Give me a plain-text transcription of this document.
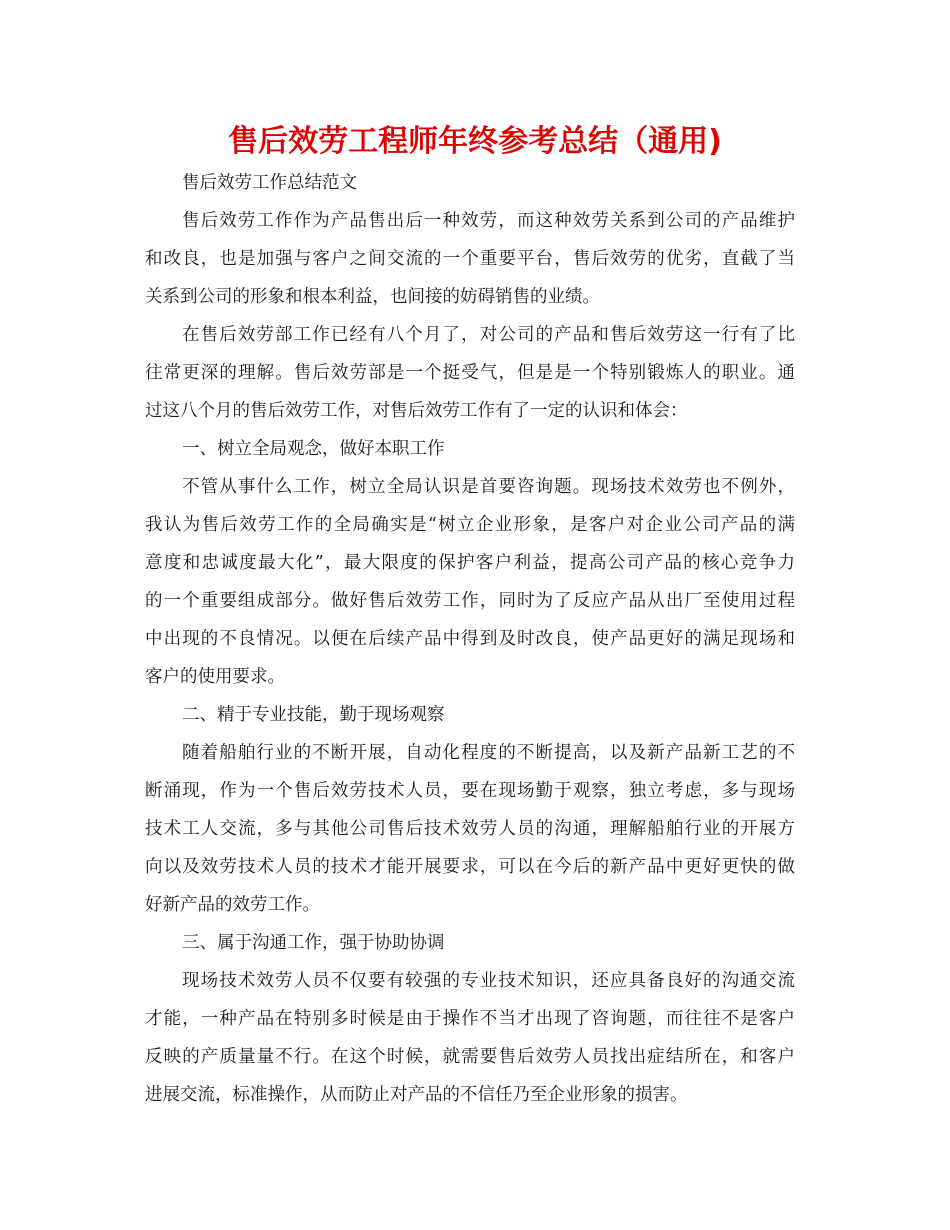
售后效劳工程师年终参考总结（通用)
售后效劳工作总结范文
售后效劳工作作为产品售出后一种效劳，而这种效劳关系到公司的产品维护
和改良，也是加强与客户之间交流的一个重要平台，售后效劳的优劣，直截了当
关系到公司的形象和根本利益，也间接的妨碍销售的业绩。
在售后效劳部工作已经有八个月了，对公司的产品和售后效劳这一行有了比
往常更深的理解。售后效劳部是一个挺受气，但是是一个特别锻炼人的职业。通
过这八个月的售后效劳工作，对售后效劳工作有了一定的认识和体会：
一、树立全局观念，做好本职工作
不管从事什么工作，树立全局认识是首要咨询题。现场技术效劳也不例外，
我认为售后效劳工作的全局确实是“树立企业形象，是客户对企业公司产品的满
意度和忠诚度最大化”，最大限度的保护客户利益，提高公司产品的核心竞争力
的一个重要组成部分。做好售后效劳工作，同时为了反应产品从出厂至使用过程
中出现的不良情况。以便在后续产品中得到及时改良，使产品更好的满足现场和
客户的使用要求。
二、精于专业技能，勤于现场观察
随着船舶行业的不断开展，自动化程度的不断提高，以及新产品新工艺的不
断涌现，作为一个售后效劳技术人员，要在现场勤于观察，独立考虑，多与现场
技术工人交流，多与其他公司售后技术效劳人员的沟通，理解船舶行业的开展方
向以及效劳技术人员的技术才能开展要求，可以在今后的新产品中更好更快的做
好新产品的效劳工作。
三、属于沟通工作，强于协助协调
现场技术效劳人员不仅要有较强的专业技术知识，还应具备良好的沟通交流
才能，一种产品在特别多时候是由于操作不当才出现了咨询题，而往往不是客户
反映的产质量量不行。在这个时候，就需要售后效劳人员找出症结所在，和客户
进展交流，标准操作，从而防止对产品的不信任乃至企业形象的损害。
